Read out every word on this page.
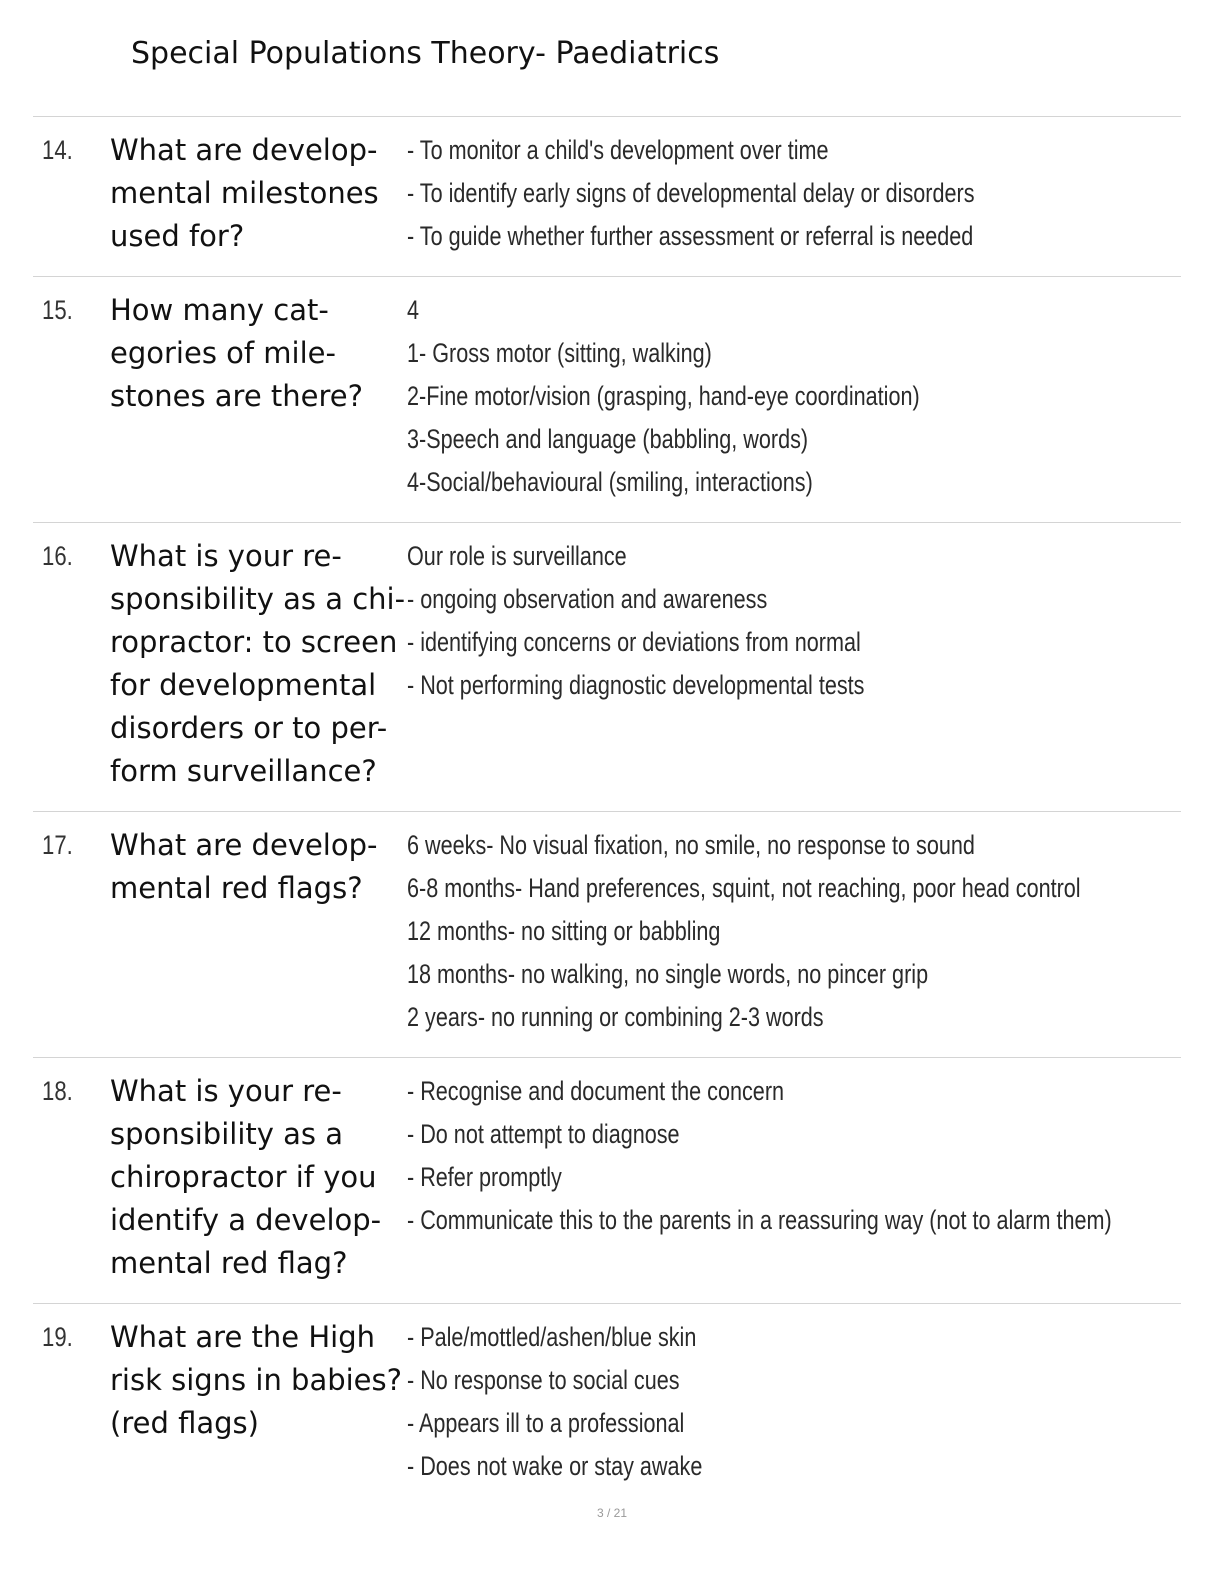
Special Populations Theory- Paediatrics
14. What are develop-
mental milestones
used for?
- To monitor a child's development over time
- To identify early signs of developmental delay or disorders
- To guide whether further assessment or referral is needed
15. How many cat-
egories of mile-
stones are there?
4
1- Gross motor (sitting, walking)
2-Fine motor/vision (grasping, hand-eye coordination)
3-Speech and language (babbling, words)
4-Social/behavioural (smiling, interactions)
16. What is your re-
sponsibility as a chi-
ropractor: to screen
for developmental
disorders or to per-
form surveillance?
Our role is surveillance
- ongoing observation and awareness
- identifying concerns or deviations from normal
- Not performing diagnostic developmental tests
17. What are develop-
mental red flags?
6 weeks- No visual fixation, no smile, no response to sound
6-8 months- Hand preferences, squint, not reaching, poor head control
12 months- no sitting or babbling
18 months- no walking, no single words, no pincer grip
2 years- no running or combining 2-3 words
18. What is your re-
sponsibility as a
chiropractor if you
identify a develop-
mental red flag?
- Recognise and document the concern
- Do not attempt to diagnose
- Refer promptly
- Communicate this to the parents in a reassuring way (not to alarm them)
19. What are the High
risk signs in babies?
(red flags)
- Pale/mottled/ashen/blue skin
- No response to social cues
- Appears ill to a professional
- Does not wake or stay awake
3 / 21
